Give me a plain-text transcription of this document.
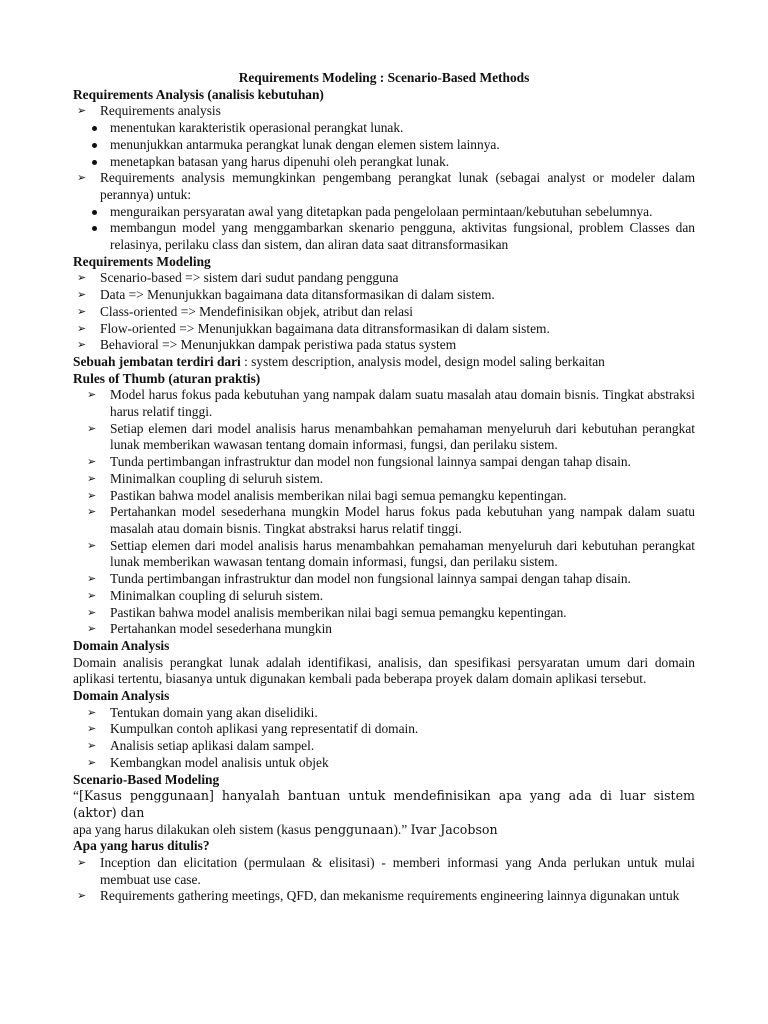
Requirements Modeling : Scenario-Based Methods

Requirements Analysis (analisis kebutuhan)

➢ Requirements analysis
menentukan karakteristik operasional perangkat lunak.
menunjukkan antarmuka perangkat lunak dengan elemen sistem lainnya.
menetapkan batasan yang harus dipenuhi oleh perangkat lunak.
➢ Requirements analysis memungkinkan pengembang perangkat lunak (sebagai analyst or modeler dalam perannya) untuk:
menguraikan persyaratan awal yang ditetapkan pada pengelolaan permintaan/kebutuhan sebelumnya.
membangun model yang menggambarkan skenario pengguna, aktivitas fungsional, problem Classes dan relasinya, perilaku class dan sistem, dan aliran data saat ditransformasikan

Requirements Modeling

➢ Scenario-based => sistem dari sudut pandang pengguna
➢ Data => Menunjukkan bagaimana data ditansformasikan di dalam sistem.
➢ Class-oriented => Mendefinisikan objek, atribut dan relasi
➢ Flow-oriented => Menunjukkan bagaimana data ditransformasikan di dalam sistem.
➢ Behavioral => Menunjukkan dampak peristiwa pada status system

Sebuah jembatan terdiri dari : system description, analysis model, design model saling berkaitan

Rules of Thumb (aturan praktis)

➢ Model harus fokus pada kebutuhan yang nampak dalam suatu masalah atau domain bisnis. Tingkat abstraksi harus relatif tinggi.
➢ Setiap elemen dari model analisis harus menambahkan pemahaman menyeluruh dari kebutuhan perangkat lunak memberikan wawasan tentang domain informasi, fungsi, dan perilaku sistem.
➢ Tunda pertimbangan infrastruktur dan model non fungsional lainnya sampai dengan tahap disain.
➢ Minimalkan coupling di seluruh sistem.
➢ Pastikan bahwa model analisis memberikan nilai bagi semua pemangku kepentingan.
➢ Pertahankan model sesederhana mungkin Model harus fokus pada kebutuhan yang nampak dalam suatu masalah atau domain bisnis. Tingkat abstraksi harus relatif tinggi.
➢ Settiap elemen dari model analisis harus menambahkan pemahaman menyeluruh dari kebutuhan perangkat lunak memberikan wawasan tentang domain informasi, fungsi, dan perilaku sistem.
➢ Tunda pertimbangan infrastruktur dan model non fungsional lainnya sampai dengan tahap disain.
➢ Minimalkan coupling di seluruh sistem.
➢ Pastikan bahwa model analisis memberikan nilai bagi semua pemangku kepentingan.
➢ Pertahankan model sesederhana mungkin

Domain Analysis

Domain analisis perangkat lunak adalah identifikasi, analisis, dan spesifikasi persyaratan umum dari domain aplikasi tertentu, biasanya untuk digunakan kembali pada beberapa proyek dalam domain aplikasi tersebut.

Domain Analysis

➢ Tentukan domain yang akan diselidiki.
➢ Kumpulkan contoh aplikasi yang representatif di domain.
➢ Analisis setiap aplikasi dalam sampel.
➢ Kembangkan model analisis untuk objek

Scenario-Based Modeling

“[Kasus penggunaan] hanyalah bantuan untuk mendefinisikan apa yang ada di luar sistem (aktor) dan
apa yang harus dilakukan oleh sistem (kasus penggunaan).” Ivar Jacobson

Apa yang harus ditulis?

➢ Inception dan elicitation (permulaan & elisitasi) - memberi informasi yang Anda perlukan untuk mulai membuat use case.
➢ Requirements gathering meetings, QFD, dan mekanisme requirements engineering lainnya digunakan untuk
